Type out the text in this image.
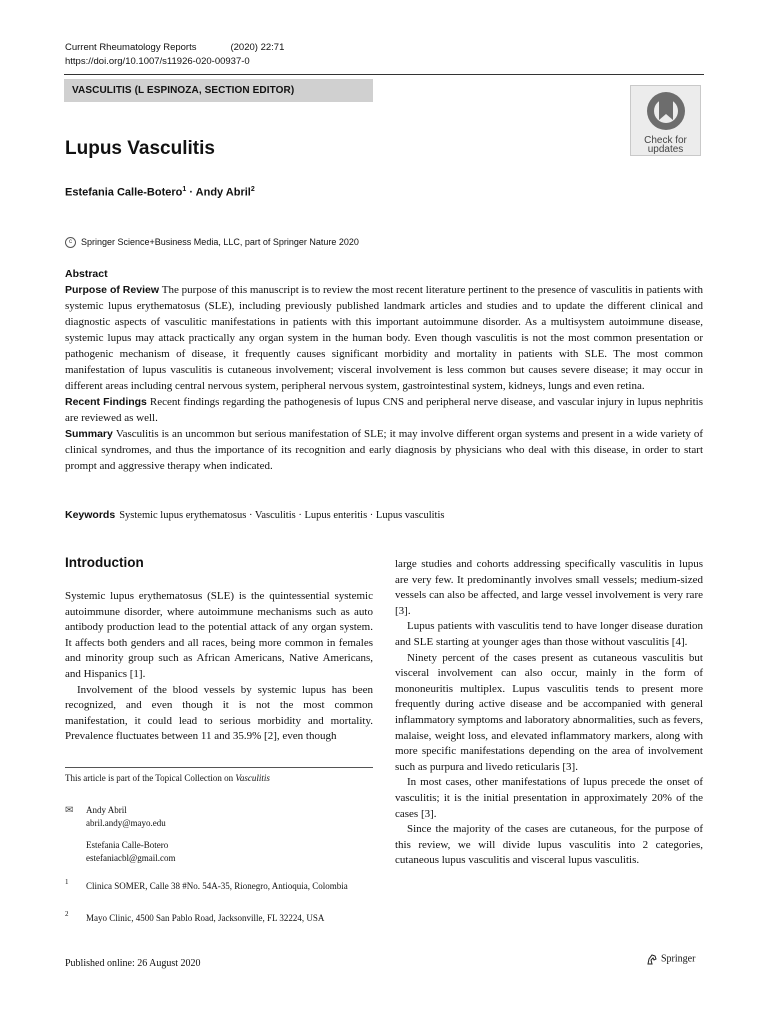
Current Rheumatology Reports	(2020) 22:71
https://doi.org/10.1007/s11926-020-00937-0
VASCULITIS (L ESPINOZA, SECTION EDITOR)
Check for
updates
Lupus Vasculitis
Estefania Calle-Botero$^1$ · Andy Abril$^2$
c Springer Science+Business Media, LLC, part of Springer Nature 2020

Abstract

Purpose of Review The purpose of this manuscript is to review the most recent literature pertinent to the presence of vasculitis in patients with systemic lupus erythematosus (SLE), including previously published landmark articles and studies and to update the different clinical and diagnostic aspects of vasculitic manifestations in patients with this important autoimmune disorder. As a multisystem autoimmune disease, systemic lupus may attack practically any organ system in the human body. Even though vasculitis is not the most common presentation or pathogenic mechanism of disease, it frequently causes significant morbidity and mortality in patients with SLE. The most common manifestation of lupus vasculitis is cutaneous involvement; visceral involvement is less common but causes severe disease; it may occur in different areas including central nervous system, peripheral nervous system, gastrointestinal system, kidneys, lungs and even retina.

Recent Findings Recent findings regarding the pathogenesis of lupus CNS and peripheral nerve disease, and vascular injury in lupus nephritis are reviewed as well.

Summary Vasculitis is an uncommon but serious manifestation of SLE; it may involve different organ systems and present in a wide variety of clinical syndromes, and thus the importance of its recognition and early diagnosis by physicians who deal with this disease, in order to start prompt and aggressive therapy when indicated.

Keywords Systemic lupus erythematosus · Vasculitis · Lupus enteritis · Lupus vasculitis
Introduction

Systemic lupus erythematosus (SLE) is the quintessential systemic autoimmune disorder, where autoimmune mechanisms such as auto antibody production lead to the potential attack of any organ system. It affects both genders and all races, being more common in females and minority group such as African Americans, Native Americans, and Hispanics [1].

Involvement of the blood vessels by systemic lupus has been recognized, and even though it is not the most common manifestation, it could lead to serious morbidity and mortality. Prevalence fluctuates between 11 and 35.9% [2], even though

large studies and cohorts addressing specifically vasculitis in lupus are very few. It predominantly involves small vessels; medium-sized vessels can also be affected, and large vessel involvement is very rare [3].

Lupus patients with vasculitis tend to have longer disease duration and SLE starting at younger ages than those without vasculitis [4].

Ninety percent of the cases present as cutaneous vasculitis but visceral involvement can also occur, mainly in the form of mononeuritis multiplex. Lupus vasculitis tends to present more frequently during active disease and be accompanied with general inflammatory symptoms and laboratory abnormalities, such as fevers, malaise, weight loss, and elevated inflammatory markers, along with more specific manifestations depending on the area of involvement such as purpura and livedo reticularis [3].

In most cases, other manifestations of lupus precede the onset of vasculitis; it is the initial presentation in approximately 20% of the cases [3].

Since the majority of the cases are cutaneous, for the purpose of this review, we will divide lupus vasculitis into 2 categories, cutaneous lupus vasculitis and visceral lupus vasculitis.

This article is part of the Topical Collection on Vasculitis
✉ Andy Abril
abril.andy@mayo.edu
Estefania Calle-Botero
estefaniacbl@gmail.com
1 Clinica SOMER, Calle 38 #No. 54A-35, Rionegro, Antioquia, Colombia
2 Mayo Clinic, 4500 San Pablo Road, Jacksonville, FL 32224, USA
Published online: 26 August 2020	Springer
